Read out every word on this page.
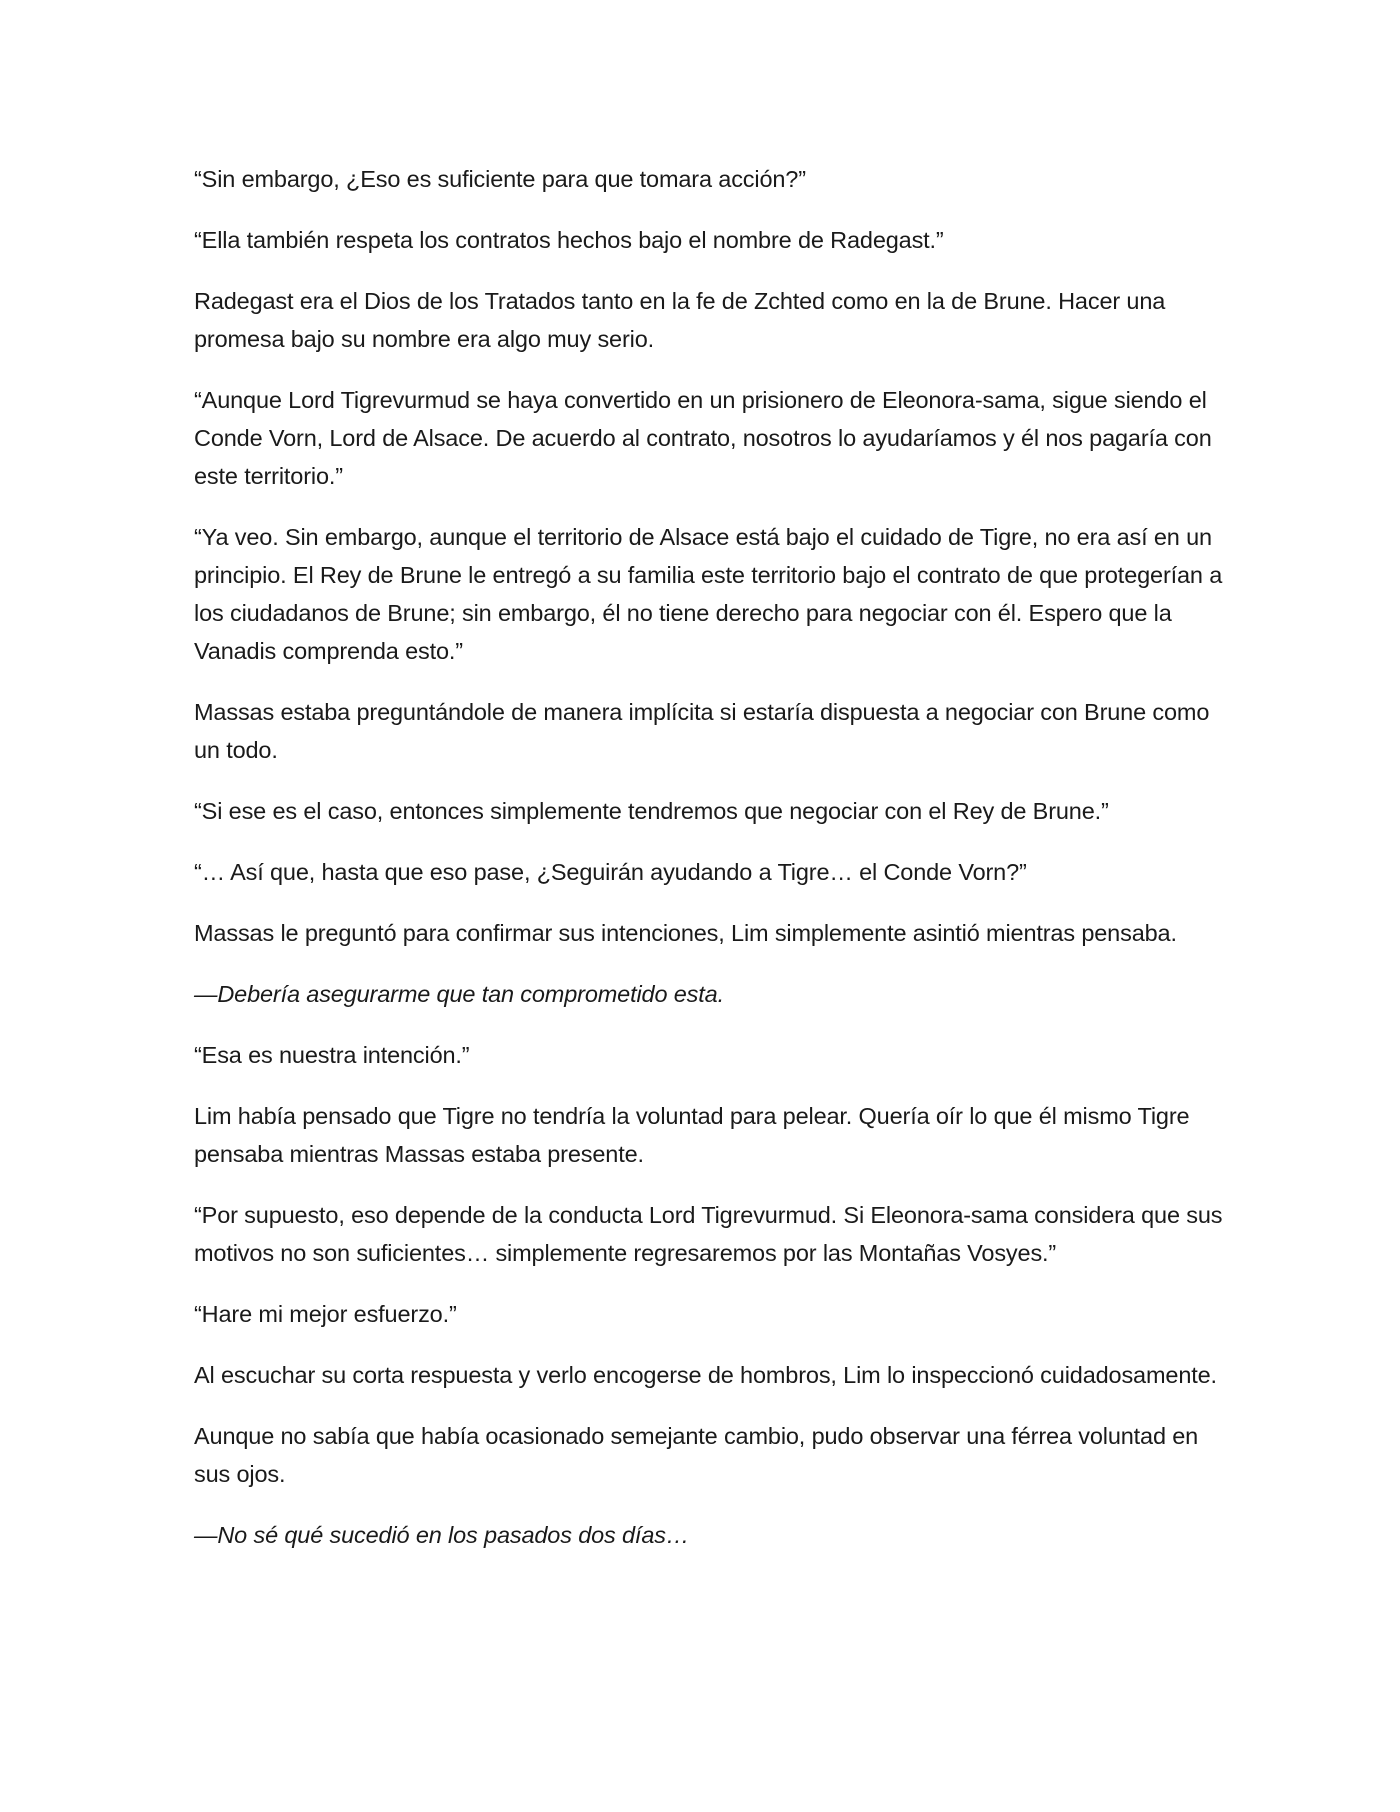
“Sin embargo, ¿Eso es suficiente para que tomara acción?”

“Ella también respeta los contratos hechos bajo el nombre de Radegast.”

Radegast era el Dios de los Tratados tanto en la fe de Zchted como en la de Brune. Hacer una promesa bajo su nombre era algo muy serio.

“Aunque Lord Tigrevurmud se haya convertido en un prisionero de Eleonora-sama, sigue siendo el Conde Vorn, Lord de Alsace. De acuerdo al contrato, nosotros lo ayudaríamos y él nos pagaría con este territorio.”

“Ya veo. Sin embargo, aunque el territorio de Alsace está bajo el cuidado de Tigre, no era así en un principio. El Rey de Brune le entregó a su familia este territorio bajo el contrato de que protegerían a los ciudadanos de Brune; sin embargo, él no tiene derecho para negociar con él. Espero que la Vanadis comprenda esto.”

Massas estaba preguntándole de manera implícita si estaría dispuesta a negociar con Brune como un todo.

“Si ese es el caso, entonces simplemente tendremos que negociar con el Rey de Brune.”

“… Así que, hasta que eso pase, ¿Seguirán ayudando a Tigre… el Conde Vorn?”

Massas le preguntó para confirmar sus intenciones, Lim simplemente asintió mientras pensaba.

—Debería asegurarme que tan comprometido esta.

“Esa es nuestra intención.”

Lim había pensado que Tigre no tendría la voluntad para pelear. Quería oír lo que él mismo Tigre pensaba mientras Massas estaba presente.

“Por supuesto, eso depende de la conducta Lord Tigrevurmud. Si Eleonora-sama considera que sus motivos no son suficientes… simplemente regresaremos por las Montañas Vosyes.”

“Hare mi mejor esfuerzo.”

Al escuchar su corta respuesta y verlo encogerse de hombros, Lim lo inspeccionó cuidadosamente.

Aunque no sabía que había ocasionado semejante cambio, pudo observar una férrea voluntad en sus ojos.

—No sé qué sucedió en los pasados dos días…
